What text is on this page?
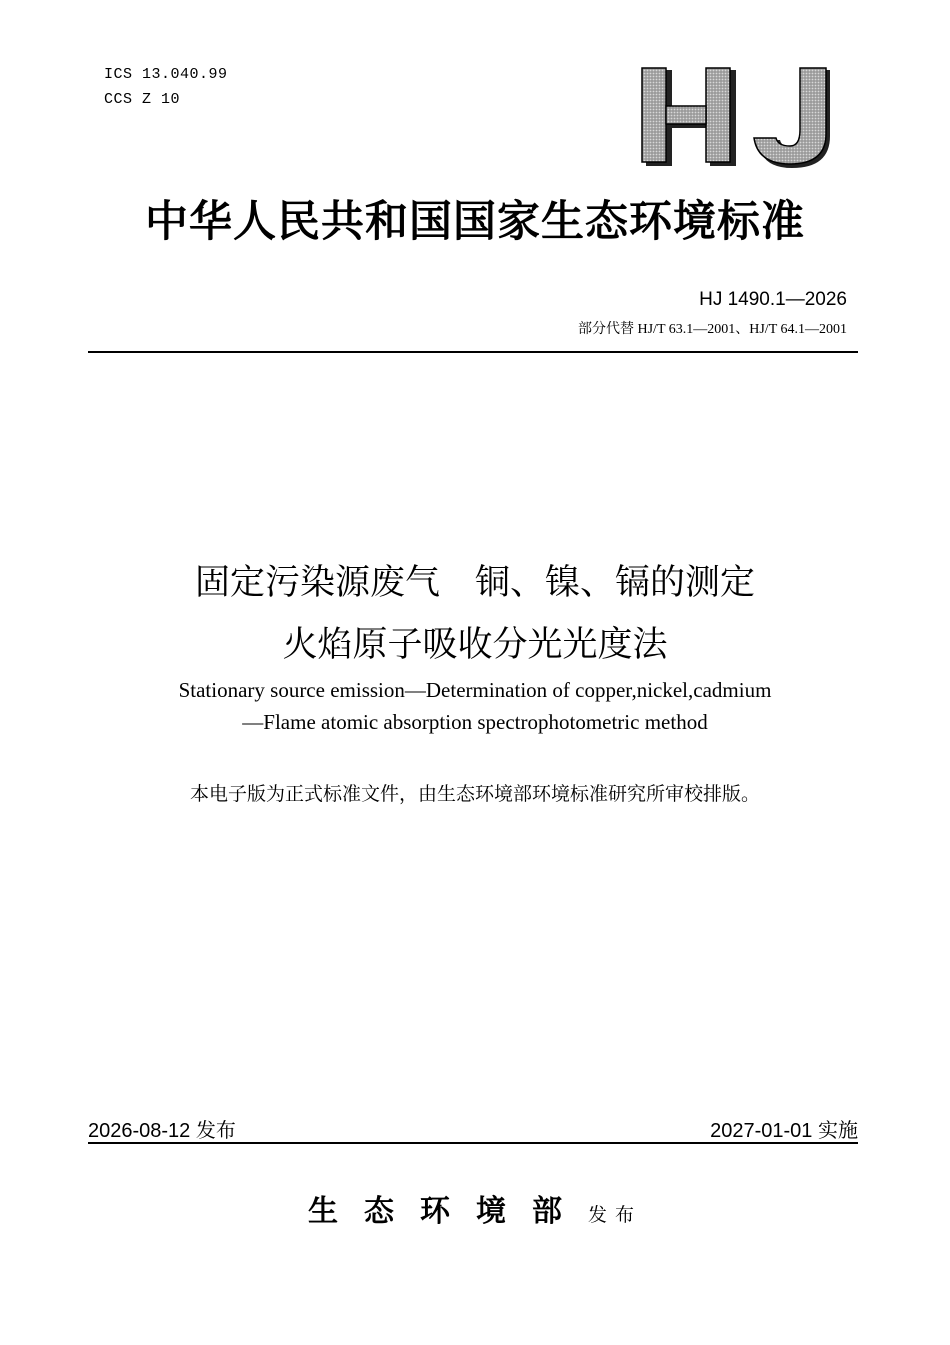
ICS 13.040.99
CCS Z 10
中华人民共和国国家生态环境标准
HJ 1490.1—2026
部分代替 HJ/T 63.1—2001、HJ/T 64.1—2001
固定污染源废气　铜、镍、镉的测定
火焰原子吸收分光光度法
Stationary source emission—Determination of copper,nickel,cadmium
—Flame atomic absorption spectrophotometric method
本电子版为正式标准文件，由生态环境部环境标准研究所审校排版。
2026-08-12 发布	2027-01-01 实施
生态环境部发布
